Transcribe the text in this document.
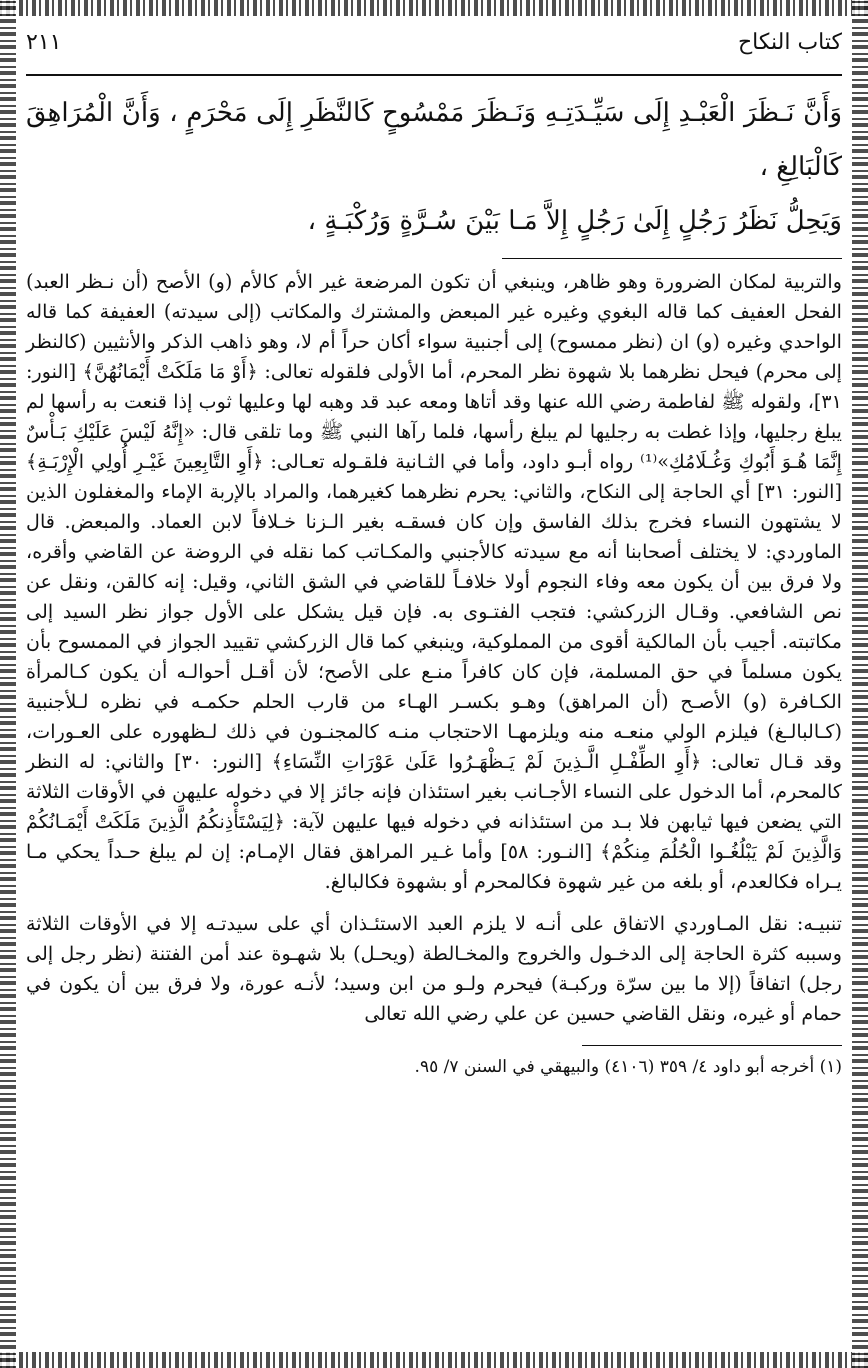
كتاب النكاح
٢١١

وَأَنَّ نَـظَرَ الْعَبْـدِ إِلَى سَيِّـدَتِـهِ وَنَـظَرَ مَمْسُوحٍ كَالنَّظَرِ إِلَى مَحْرَمٍ ، وَأَنَّ الْمُرَاهِقَ كَالْبَالِغِ ،

وَيَحِلُّ نَظَرُ رَجُلٍ إِلَىٰ رَجُلٍ إِلاَّ مَـا بَيْنَ سُـرَّةٍ وَرُكْبَـةٍ ،

والتربية لمكان الضرورة وهو ظاهر، وينبغي أن تكون المرضعة غير الأم كالأم (و) الأصح (أن نـظر العبد) الفحل العفيف كما قاله البغوي وغيره غير المبعض والمشترك والمكاتب (إلى سيدته) العفيفة كما قاله الواحدي وغيره (و) ان (نظر ممسوح) إلى أجنبية سواء أكان حراً أم لا، وهو ذاهب الذكر والأنثيين (كالنظر إلى محرم) فيحل نظرهما بلا شهوة نظر المحرم، أما الأولى فلقوله تعالى: ﴿أَوْ مَا مَلَكَتْ أَيْمَانُهُنَّ﴾ [النور: ٣١]، ولقوله ﷺ لفاطمة رضي الله عنها وقد أتاها ومعه عبد قد وهبه لها وعليها ثوب إذا قنعت به رأسها لم يبلغ رجليها، وإذا غطت به رجليها لم يبلغ رأسها، فلما رآها النبي ﷺ وما تلقى قال: «إِنَّهُ لَيْسَ عَلَيْكِ بَـأْسٌ إِنَّمَا هُـوَ أَبُوكِ وَغُـلَامُكِ»⁽¹⁾ رواه أبـو داود، وأما في الثـانية فلقـوله تعـالى: ﴿أَوِ التَّابِعِينَ غَيْـرِ أُولِي الْإِرْبَـةِ﴾ [النور: ٣١] أي الحاجة إلى النكاح، والثاني: يحرم نظرهما كغيرهما، والمراد بالإربة الإماء والمغفلون الذين لا يشتهون النساء فخرج بذلك الفاسق وإن كان فسقـه بغير الـزنا خـلافاً لابن العماد. والمبعض. قال الماوردي: لا يختلف أصحابنا أنه مع سيدته كالأجنبي والمكـاتب كما نقله في الروضة عن القاضي وأقره، ولا فرق بين أن يكون معه وفاء النجوم أولا خلافـاً للقاضي في الشق الثاني، وقيل: إنه كالقن، ونقل عن نص الشافعي. وقـال الزركشي: فتجب الفتـوى به. فإن قيل يشكل على الأول جواز نظر السيد إلى مكاتبته. أجيب بأن المالكية أقوى من المملوكية، وينبغي كما قال الزركشي تقييد الجواز في الممسوح بأن يكون مسلماً في حق المسلمة، فإن كان كافراً منـع على الأصح؛ لأن أقـل أحوالـه أن يكون كـالمرأة الكـافرة (و) الأصـح (أن المراهق) وهـو بكسـر الهـاء من قارب الحلم حكمـه في نظره لـلأجنبية (كـالبالـغ) فيلزم الولي منعـه منه ويلزمهـا الاحتجاب منـه كالمجنـون في ذلك لـظهوره على العـورات، وقد قـال تعالى: ﴿أَوِ الطِّفْـلِ الَّـذِينَ لَمْ يَـظْهَـرُوا عَلَىٰ عَوْرَاتِ النِّسَاءِ﴾ [النور: ٣٠] والثاني: له النظر كالمحرم، أما الدخول على النساء الأجـانب بغير استئذان فإنه جائز إلا في دخوله عليهن في الأوقات الثلاثة التي يضعن فيها ثيابهن فلا بـد من استئذانه في دخوله فيها عليهن لآية: ﴿لِيَسْتَأْذِنكُمُ الَّذِينَ مَلَكَتْ أَيْمَـانُكُمْ وَالَّذِينَ لَمْ يَبْلُغُـوا الْحُلُمَ مِنكُمْ﴾ [النـور: ٥٨] وأما غـير المراهق فقال الإمـام: إن لم يبلغ حـداً يحكي مـا يـراه فكالعدم، أو بلغه من غير شهوة فكالمحرم أو بشهوة فكالبالغ.

تنبيـه: نقل المـاوردي الاتفاق على أنـه لا يلزم العبد الاستئـذان أي على سيدتـه إلا في الأوقات الثلاثة وسببه كثرة الحاجة إلى الدخـول والخروج والمخـالطة (ويحـل) بلا شهـوة عند أمن الفتنة (نظر رجل إلى رجل) اتفاقاً (إلا ما بين سرّة وركبـة) فيحرم ولـو من ابن وسيد؛ لأنـه عورة، ولا فرق بين أن يكون في حمام أو غيره، ونقل القاضي حسين عن علي رضي الله تعالى

(١) أخرجه أبو داود ٤/ ٣٥٩ (٤١٠٦) والبيهقي في السنن ٧/ ٩٥.
